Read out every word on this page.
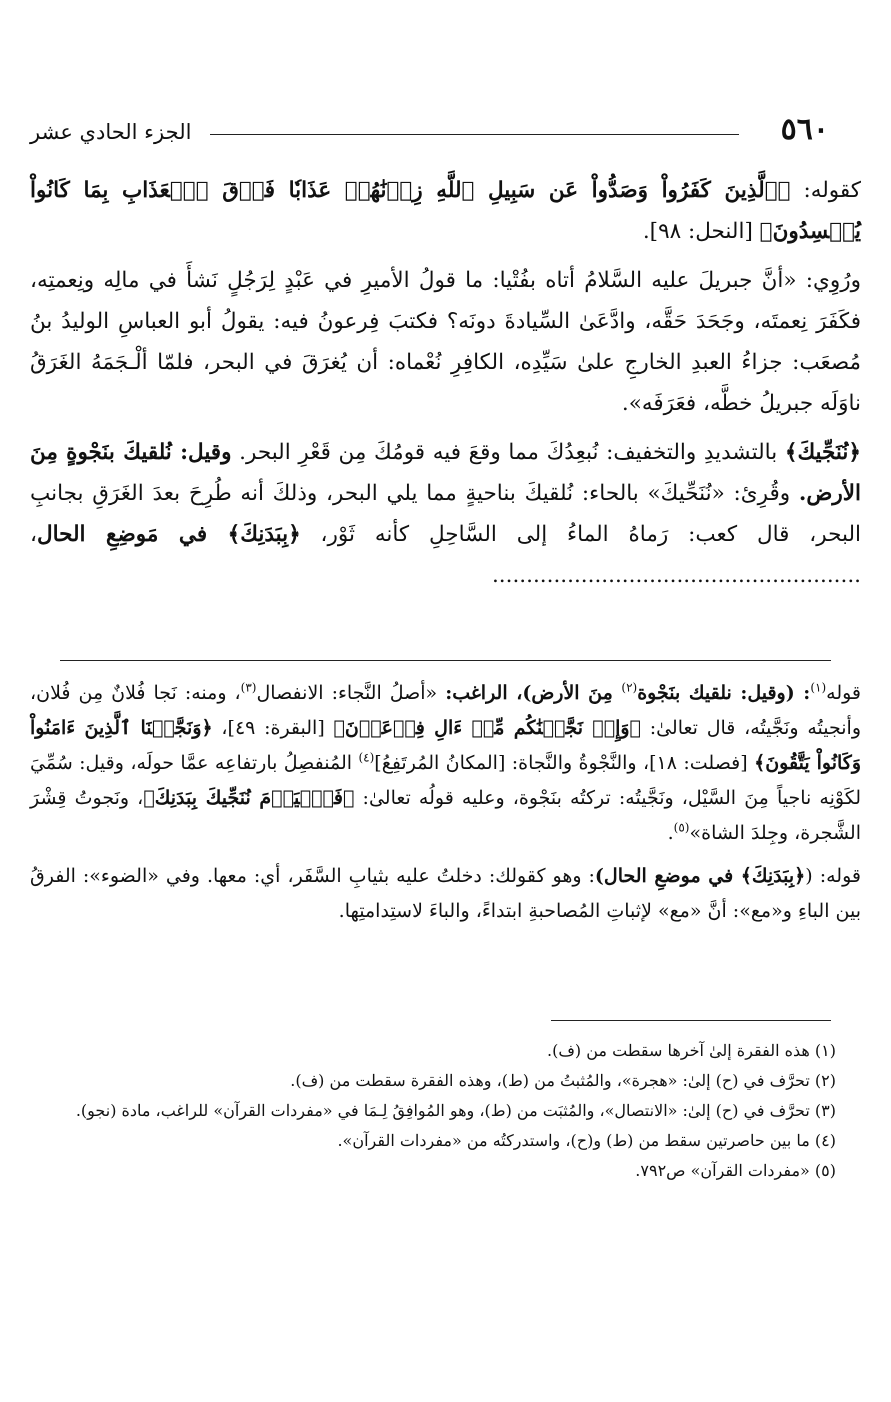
٥٦٠
الجزء الحادي عشر

كقوله: ﴿ٱلَّذِينَ كَفَرُواْ وَصَدُّواْ عَن سَبِيلِ ٱللَّهِ زِدۡنَٰهُمۡ عَذَابٗا فَوۡقَ ٱلۡعَذَابِ بِمَا كَانُواْ يُفۡسِدُونَ﴾ [النحل: ٩٨].

ورُوِي: «أنَّ جبريلَ عليه السَّلامُ أتاه بفُتْيا: ما قولُ الأميرِ في عَبْدٍ لِرَجُلٍ نَشأَ في مالِه ونِعمتِه، فكَفَرَ نِعمتَه، وجَحَدَ حَقَّه، وادَّعَىٰ السِّيادةَ دونَه؟ فكتبَ فِرعونُ فيه: يقولُ أبو العباسِ الوليدُ بنُ مُصعَب: جزاءُ العبدِ الخارجِ علىٰ سَيِّدِه، الكافِرِ نُعْماه: أن يُغرَقَ في البحر، فلمّا ألْـجَمَهُ الغَرَقُ ناوَلَه جبريلُ خطَّه، فعَرَفَه».

﴿نُنَجِّيكَ﴾ بالتشديدِ والتخفيف: نُبعِدُكَ مما وقعَ فيه قومُكَ مِن قَعْرِ البحر. وقيل: نُلقيكَ بنَجْوةٍ مِنَ الأرض. وقُرِئ: «نُنَحِّيكَ» بالحاء: نُلقيكَ بناحيةٍ مما يلي البحر، وذلكَ أنه طُرِحَ بعدَ الغَرَقِ بجانبِ البحر، قال كعب: رَماهُ الماءُ إلى السَّاحِلِ كأنه ثَوْر، ﴿بِبَدَنِكَ﴾ في مَوضِعِ الحال، ......................................................

قوله$^{(١)}$: (وقيل: نلقيك بنَجْوة$^{(٢)}$ مِنَ الأرض)، الراغب: «أصلُ النَّجاء: الانفصال$^{(٣)}$، ومنه: نَجا فُلانٌ مِن فُلان، وأنجيتُه ونَجَّيتُه، قال تعالىٰ: ﴿وَإِذۡ نَجَّيۡنَٰكُم مِّنۡ ءَالِ فِرۡعَوۡنَ﴾ [البقرة: ٤٩]، ﴿وَنَجَّيۡنَا ٱلَّذِينَ ءَامَنُواْ وَكَانُواْ يَتَّقُونَ﴾ [فصلت: ١٨]، والنَّجْوةُ والنَّجاة: [المكانُ المُرتَفِعُ]$^{(٤)}$ المُنفصِلُ بارتفاعِه عمَّا حولَه، وقيل: سُمِّيَ لكَوْنِه ناجياً مِنَ السَّيْل، ونَجَّيتُه: تركتُه بنَجْوة، وعليه قولُه تعالىٰ: ﴿فَٱلۡيَوۡمَ نُنَجِّيكَ بِبَدَنِكَ﴾، ونَجوتُ قِشْرَ الشَّجرة، وجِلدَ الشاة»$^{(٥)}$.

قوله: (﴿بِبَدَنِكَ﴾ في موضعِ الحال): وهو كقولك: دخلتُ عليه بثيابِ السَّفَر، أي: معها. وفي «الضوء»: الفرقُ بين الباءِ و«مع»: أنَّ «مع» لإثباتِ المُصاحبةِ ابتداءً، والباءَ لاستِدامتِها.

(١) هذه الفقرة إلىٰ آخرها سقطت من (ف).

(٢) تحرَّف في (ح) إلىٰ: «هجرة»، والمُثبتُ من (ط)، وهذه الفقرة سقطت من (ف).

(٣) تحرَّف في (ح) إلىٰ: «الانتصال»، والمُثبَت من (ط)، وهو المُوافِقُ لِـمَا في «مفردات القرآن» للراغب، مادة (نجو).

(٤) ما بين حاصرتين سقط من (ط) و(ح)، واستدركتُه من «مفردات القرآن».

(٥) «مفردات القرآن» ص٧٩٢.
